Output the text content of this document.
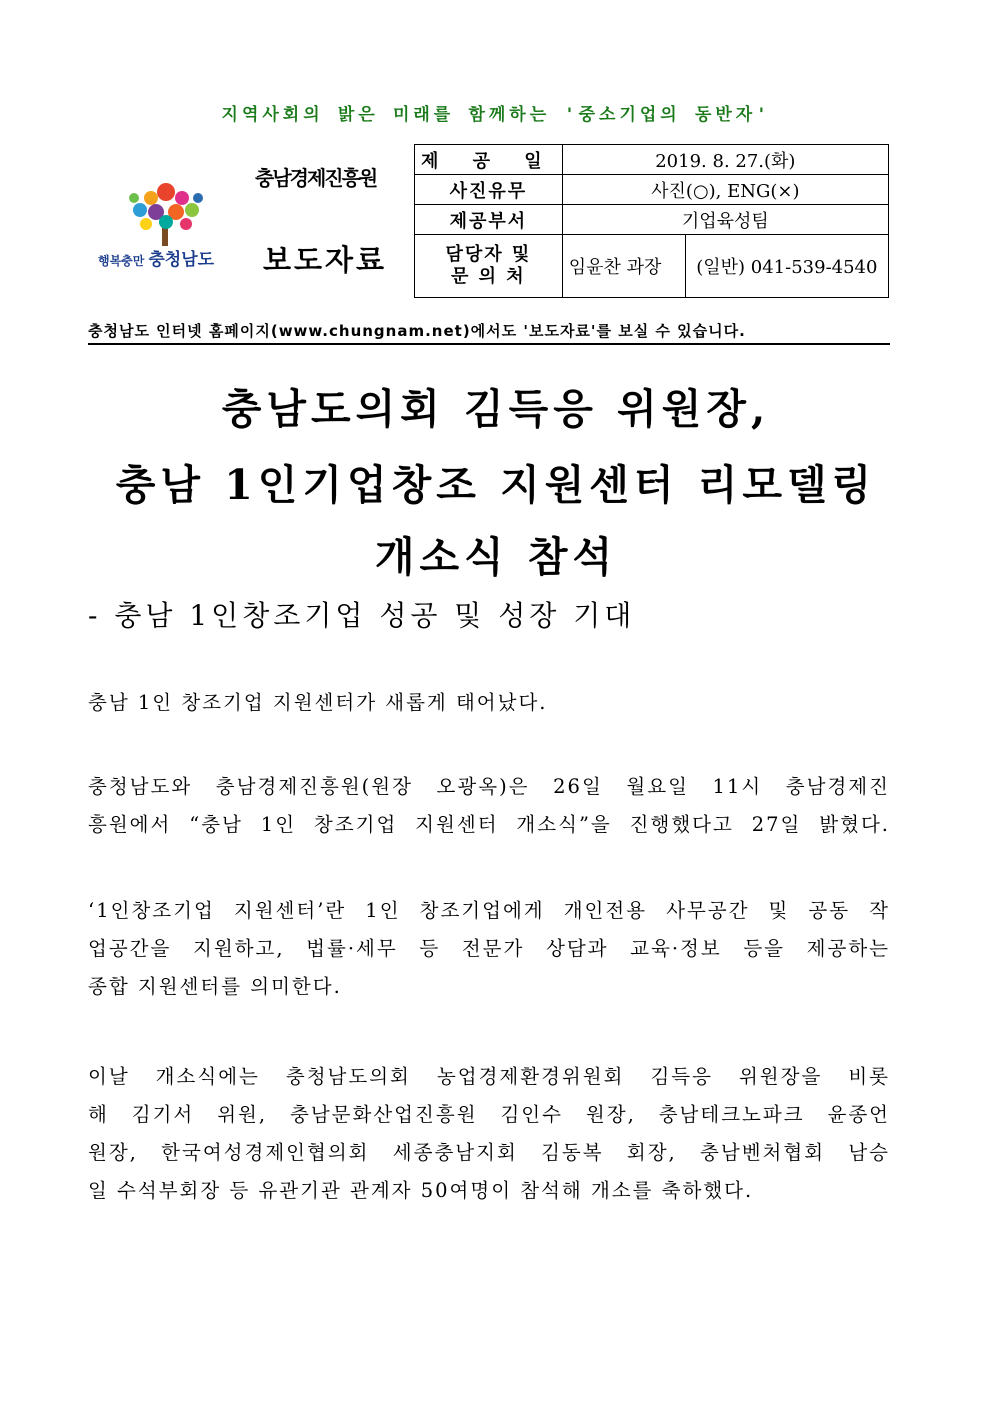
지역사회의 밝은 미래를 함께하는 '중소기업의 동반자'
행복충만 충청남도
충남경제진흥원
보도자료
제 공 일	2019. 8. 27.(화)	
사진유무	사진(○), ENG(×)	
제공부서	기업육성팀	

담당자 및
문 의 처	임윤찬 과장	(일반) 041-539-4540
충청남도 인터넷 홈페이지(www.chungnam.net)에서도 '보도자료'를 보실 수 있습니다.
충남도의회 김득응 위원장,
충남 1인기업창조 지원센터 리모델링
개소식 참석
- 충남 1인창조기업 성공 및 성장 기대
충남 1인 창조기업 지원센터가 새롭게 태어났다.
충청남도와 충남경제진흥원(원장 오광옥)은 26일 월요일 11시 충남경제진
흥원에서 “충남 1인 창조기업 지원센터 개소식”을 진행했다고 27일 밝혔다.
‘1인창조기업 지원센터’란 1인 창조기업에게 개인전용 사무공간 및 공동 작
업공간을 지원하고, 법률·세무 등 전문가 상담과 교육·정보 등을 제공하는
종합 지원센터를 의미한다.
이날 개소식에는 충청남도의회 농업경제환경위원회 김득응 위원장을 비롯
해 김기서 위원, 충남문화산업진흥원 김인수 원장, 충남테크노파크 윤종언
원장, 한국여성경제인협의회 세종충남지회 김동복 회장, 충남벤처협회 남승
일 수석부회장 등 유관기관 관계자 50여명이 참석해 개소를 축하했다.
